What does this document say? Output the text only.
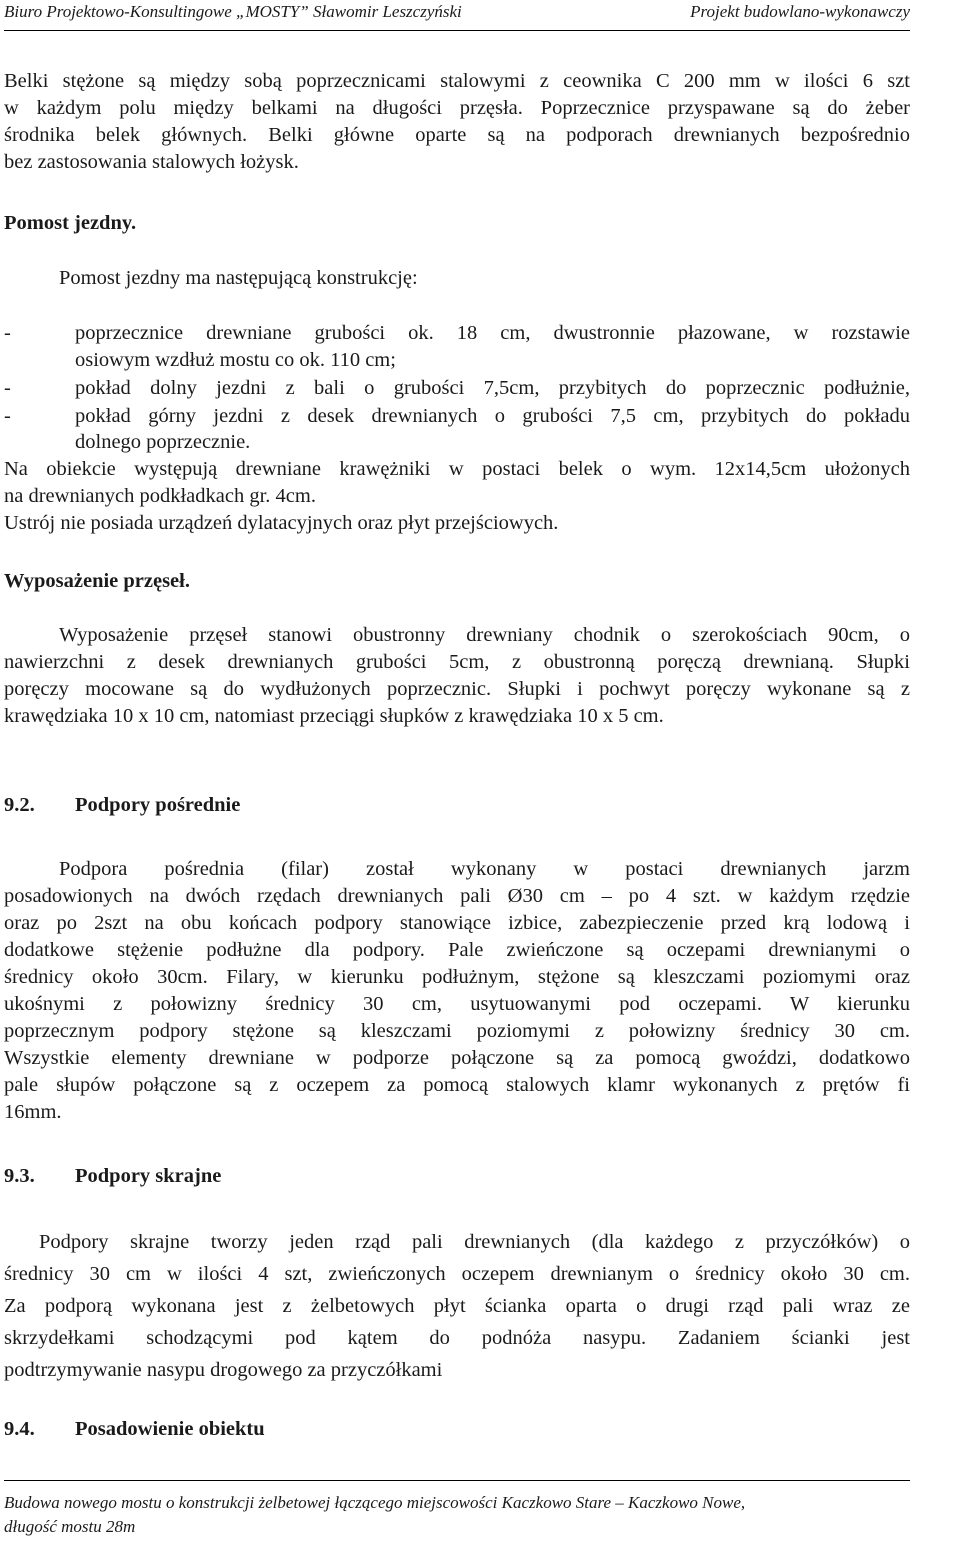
Biuro Projektowo-Konsultingowe „MOSTY” Sławomir Leszczyński	Projekt budowlano-wykonawczy
Belki stężone są między sobą poprzecznicami stalowymi z ceownika C 200 mm w ilości 6 szt
w każdym polu między belkami na długości przęsła. Poprzecznice przyspawane są do żeber
środnika belek głównych. Belki główne oparte są na podporach drewnianych bezpośrednio
bez zastosowania stalowych łożysk.
Pomost jezdny.
Pomost jezdny ma następującą konstrukcję:
-	poprzecznice drewniane grubości ok. 18 cm, dwustronnie płazowane, w rozstawie
osiowym wzdłuż mostu co ok. 110 cm;
-	pokład dolny jezdni z bali o grubości 7,5cm, przybitych do poprzecznic podłużnie,
-	pokład górny jezdni z desek drewnianych o grubości 7,5 cm, przybitych do pokładu
dolnego poprzecznie.
Na obiekcie występują drewniane krawężniki w postaci belek o wym. 12x14,5cm ułożonych
na drewnianych podkładkach gr. 4cm.
Ustrój nie posiada urządzeń dylatacyjnych oraz płyt przejściowych.
Wyposażenie przęseł.
Wyposażenie przęseł stanowi obustronny drewniany chodnik o szerokościach 90cm, o
nawierzchni z desek drewnianych grubości 5cm, z obustronną poręczą drewnianą. Słupki
poręczy mocowane są do wydłużonych poprzecznic. Słupki i pochwyt poręczy wykonane są z
krawędziaka 10 x 10 cm, natomiast przeciągi słupków z krawędziaka 10 x 5 cm.
9.2. Podpory pośrednie
Podpora pośrednia (filar) został wykonany w postaci drewnianych jarzm
posadowionych na dwóch rzędach drewnianych pali Ø30 cm – po 4 szt. w każdym rzędzie
oraz po 2szt na obu końcach podpory stanowiące izbice, zabezpieczenie przed krą lodową i
dodatkowe stężenie podłużne dla podpory. Pale zwieńczone są oczepami drewnianymi o
średnicy około 30cm. Filary, w kierunku podłużnym, stężone są kleszczami poziomymi oraz
ukośnymi z połowizny średnicy 30 cm, usytuowanymi pod oczepami. W kierunku
poprzecznym podpory stężone są kleszczami poziomymi z połowizny średnicy 30 cm.
Wszystkie elementy drewniane w podporze połączone są za pomocą gwoździ, dodatkowo
pale słupów połączone są z oczepem za pomocą stalowych klamr wykonanych z prętów fi
16mm.
9.3. Podpory skrajne
Podpory skrajne tworzy jeden rząd pali drewnianych (dla każdego z przyczółków) o
średnicy 30 cm w ilości 4 szt, zwieńczonych oczepem drewnianym o średnicy około 30 cm.
Za podporą wykonana jest z żelbetowych płyt ścianka oparta o drugi rząd pali wraz ze
skrzydełkami schodzącymi pod kątem do podnóża nasypu. Zadaniem ścianki jest
podtrzymywanie nasypu drogowego za przyczółkami
9.4. Posadowienie obiektu
Budowa nowego mostu o konstrukcji żelbetowej łączącego miejscowości Kaczkowo Stare – Kaczkowo Nowe,
długość mostu 28m
